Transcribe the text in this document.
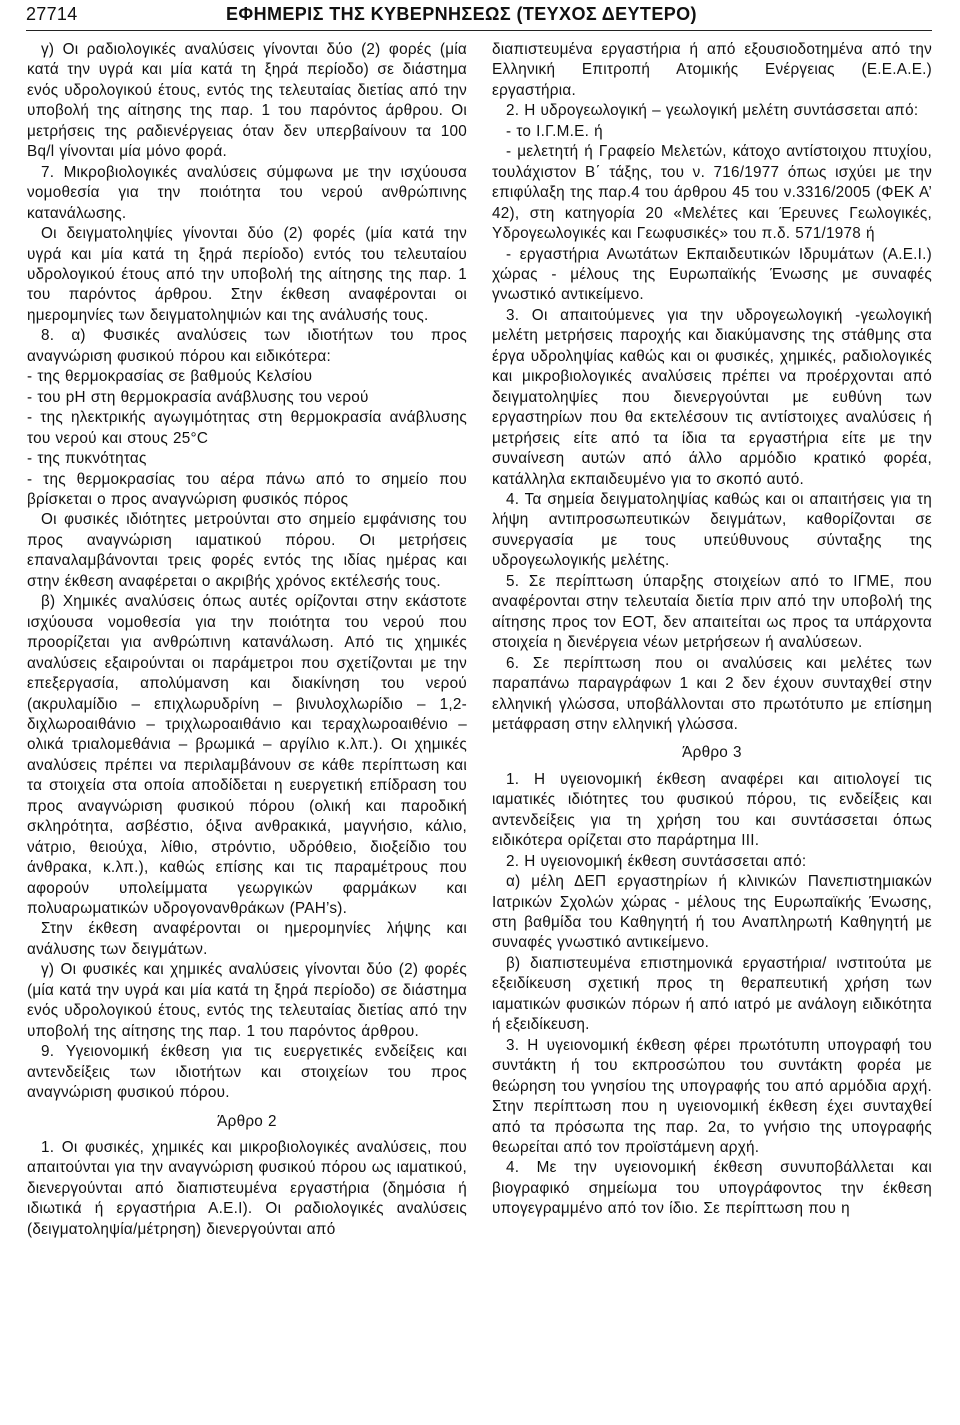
27714	ΕΦΗΜΕΡΙΣ ΤΗΣ ΚΥΒΕΡΝΗΣΕΩΣ (ΤΕΥΧΟΣ ΔΕΥΤΕΡΟ)

γ) Οι ραδιολογικές αναλύσεις γίνονται δύο (2) φορές (μία κατά την υγρά και μία κατά τη ξηρά περίοδο) σε διάστημα ενός υδρολογικού έτους, εντός της τελευταίας διετίας από την υποβολή της αίτησης της παρ. 1 του παρόντος άρθρου. Οι μετρήσεις της ραδιενέργειας όταν δεν υπερβαίνουν τα 100 Bq/l γίνονται μία μόνο φορά.

7. Μικροβιολογικές αναλύσεις σύμφωνα με την ισχύουσα νομοθεσία για την ποιότητα του νερού ανθρώπινης κατανάλωσης.

Οι δειγματοληψίες γίνονται δύο (2) φορές (μία κατά την υγρά και μία κατά τη ξηρά περίοδο) εντός του τελευταίου υδρολογικού έτους από την υποβολή της αίτησης της παρ. 1 του παρόντος άρθρου. Στην έκθεση αναφέρονται οι ημερομηνίες των δειγματοληψιών και της ανάλυσής τους.

8. α) Φυσικές αναλύσεις των ιδιοτήτων του προς αναγνώριση φυσικού πόρου και ειδικότερα:

- της θερμοκρασίας σε βαθμούς Κελσίου

- του pH στη θερμοκρασία ανάβλυσης του νερού

- της ηλεκτρικής αγωγιμότητας στη θερμοκρασία ανάβλυσης του νερού και στους 25°C

- της πυκνότητας

- της θερμοκρασίας του αέρα πάνω από το σημείο που βρίσκεται ο προς αναγνώριση φυσικός πόρος

Οι φυσικές ιδιότητες μετρούνται στο σημείο εμφάνισης του προς αναγνώριση ιαματικού πόρου. Οι μετρήσεις επαναλαμβάνονται τρεις φορές εντός της ιδίας ημέρας και στην έκθεση αναφέρεται ο ακριβής χρόνος εκτέλεσής τους.

β) Χημικές αναλύσεις όπως αυτές ορίζονται στην εκάστοτε ισχύουσα νομοθεσία για την ποιότητα του νερού που προορίζεται για ανθρώπινη κατανάλωση. Από τις χημικές αναλύσεις εξαιρούνται οι παράμετροι που σχετίζονται με την επεξεργασία, απολύμανση και διακίνηση του νερού (ακρυλαμίδιο – επιχλωρυδρίνη – βινυλοχλωρίδιο – 1,2-διχλωροαιθάνιο – τριχλωροαιθάνιο και τεραχλωροαιθένιο – ολικά τριαλομεθάνια – βρωμικά – αργίλιο κ.λπ.). Οι χημικές αναλύσεις πρέπει να περιλαμβάνουν σε κάθε περίπτωση και τα στοιχεία στα οποία αποδίδεται η ευεργετική επίδραση του προς αναγνώριση φυσικού πόρου (ολική και παροδική σκληρότητα, ασβέστιο, όξινα ανθρακικά, μαγνήσιο, κάλιο, νάτριο, θειούχα, λίθιο, στρόντιο, υδρόθειο, διοξείδιο του άνθρακα, κ.λπ.), καθώς επίσης και τις παραμέτρους που αφορούν υπολείμματα γεωργικών φαρμάκων και πολυαρωματικών υδρογονανθράκων (PAH’s).

Στην έκθεση αναφέρονται οι ημερομηνίες λήψης και ανάλυσης των δειγμάτων.

γ) Οι φυσικές και χημικές αναλύσεις γίνονται δύο (2) φορές (μία κατά την υγρά και μία κατά τη ξηρά περίοδο) σε διάστημα ενός υδρολογικού έτους, εντός της τελευταίας διετίας από την υποβολή της αίτησης της παρ. 1 του παρόντος άρθρου.

9. Υγειονομική έκθεση για τις ευεργετικές ενδείξεις και αντενδείξεις των ιδιοτήτων και στοιχείων του προς αναγνώριση φυσικού πόρου.

Άρθρο 2

1. Οι φυσικές, χημικές και μικροβιολογικές αναλύσεις, που απαιτούνται για την αναγνώριση φυσικού πόρου ως ιαματικού, διενεργούνται από διαπιστευμένα εργαστήρια (δημόσια ή ιδιωτικά ή εργαστήρια Α.Ε.Ι). Οι ραδιολογικές αναλύσεις (δειγματοληψία/μέτρηση) διενεργούνται από

διαπιστευμένα εργαστήρια ή από εξουσιοδοτημένα από την Ελληνική Επιτροπή Ατομικής Ενέργειας (Ε.Ε.Α.Ε.) εργαστήρια.

2. Η υδρογεωλογική – γεωλογική μελέτη συντάσσεται από:

- το Ι.Γ.Μ.Ε. ή

- μελετητή ή Γραφείο Μελετών, κάτοχο αντίστοιχου πτυχίου, τουλάχιστον Β΄ τάξης, του ν. 716/1977 όπως ισχύει με την επιφύλαξη της παρ.4 του άρθρου 45 του ν.3316/2005 (ΦΕΚ Α’ 42), στη κατηγορία 20 «Μελέτες και Έρευνες Γεωλογικές, Υδρογεωλογικές και Γεωφυσικές» του π.δ. 571/1978 ή

- εργαστήρια Ανωτάτων Εκπαιδευτικών Ιδρυμάτων (Α.Ε.Ι.) χώρας - μέλους της Ευρωπαϊκής Ένωσης με συναφές γνωστικό αντικείμενο.

3. Οι απαιτούμενες για την υδρογεωλογική -γεωλογική μελέτη μετρήσεις παροχής και διακύμανσης της στάθμης στα έργα υδροληψίας καθώς και οι φυσικές, χημικές, ραδιολογικές και μικροβιολογικές αναλύσεις πρέπει να προέρχονται από δειγματοληψίες που διενεργούνται με ευθύνη των εργαστηρίων που θα εκτελέσουν τις αντίστοιχες αναλύσεις ή μετρήσεις είτε από τα ίδια τα εργαστήρια είτε με την συναίνεση αυτών από άλλο αρμόδιο κρατικό φορέα, κατάλληλα εκπαιδευμένο για το σκοπό αυτό.

4. Τα σημεία δειγματοληψίας καθώς και οι απαιτήσεις για τη λήψη αντιπροσωπευτικών δειγμάτων, καθορίζονται σε συνεργασία με τους υπεύθυνους σύνταξης της υδρογεωλογικής μελέτης.

5. Σε περίπτωση ύπαρξης στοιχείων από το ΙΓΜΕ, που αναφέρονται στην τελευταία διετία πριν από την υποβολή της αίτησης προς τον ΕΟΤ, δεν απαιτείται ως προς τα υπάρχοντα στοιχεία η διενέργεια νέων μετρήσεων ή αναλύσεων.

6. Σε περίπτωση που οι αναλύσεις και μελέτες των παραπάνω παραγράφων 1 και 2 δεν έχουν συνταχθεί στην ελληνική γλώσσα, υποβάλλονται στο πρωτότυπο με επίσημη μετάφραση στην ελληνική γλώσσα.

Άρθρο 3

1. Η υγειονομική έκθεση αναφέρει και αιτιολογεί τις ιαματικές ιδιότητες του φυσικού πόρου, τις ενδείξεις και αντενδείξεις για τη χρήση του και συντάσσεται όπως ειδικότερα ορίζεται στο παράρτημα ΙΙΙ.

2. Η υγειονομική έκθεση συντάσσεται από:

α) μέλη ΔΕΠ εργαστηρίων ή κλινικών Πανεπιστημιακών Ιατρικών Σχολών χώρας - μέλους της Ευρωπαϊκής Ένωσης, στη βαθμίδα του Καθηγητή ή του Αναπληρωτή Καθηγητή με συναφές γνωστικό αντικείμενο.

β) διαπιστευμένα επιστημονικά εργαστήρια/ ινστιτούτα με εξειδίκευση σχετική προς τη θεραπευτική χρήση των ιαματικών φυσικών πόρων ή από ιατρό με ανάλογη ειδικότητα ή εξειδίκευση.

3. Η υγειονομική έκθεση φέρει πρωτότυπη υπογραφή του συντάκτη ή του εκπροσώπου του συντάκτη φορέα με θεώρηση του γνησίου της υπογραφής του από αρμόδια αρχή. Στην περίπτωση που η υγειονομική έκθεση έχει συνταχθεί από τα πρόσωπα της παρ. 2α, το γνήσιο της υπογραφής θεωρείται από τον προϊστάμενη αρχή.

4. Με την υγειονομική έκθεση συνυποβάλλεται και βιογραφικό σημείωμα του υπογράφοντος την έκθεση υπογεγραμμένο από τον ίδιο. Σε περίπτωση που η
